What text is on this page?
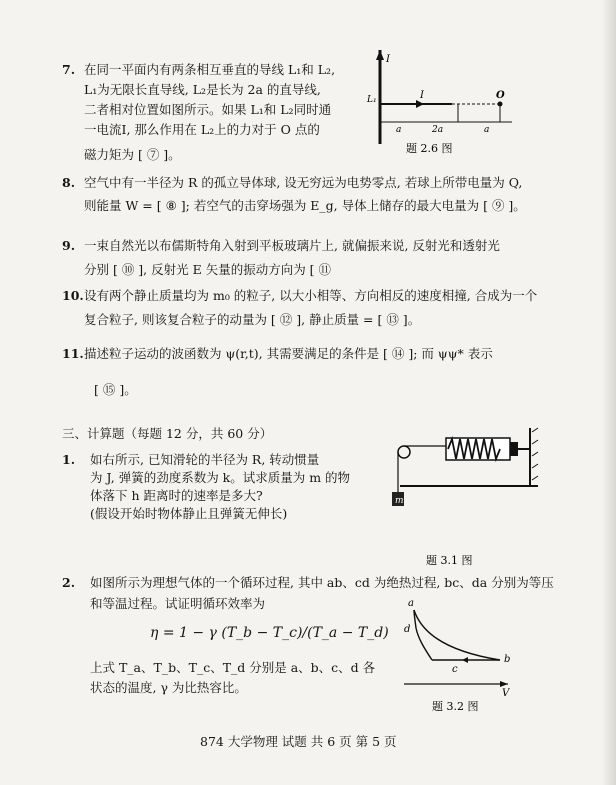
7. 在同一平面内有两条相互垂直的导线 L₁和 L₂,
L₁为无限长直导线, L₂是长为 2a 的直导线,
二者相对位置如图所示。如果 L₁和 L₂同时通
一电流I, 那么作用在 L₂上的力对于 O 点的
磁力矩为 [ ⑦ ]。
I
L₁	I	O
a	2a	a
题 2.6 图
8. 空气中有一半径为 R 的孤立导体球, 设无穷远为电势零点, 若球上所带电量为 Q,
则能量 W = [ ⑧ ]; 若空气的击穿场强为 E_g, 导体上储存的最大电量为 [ ⑨ ]。
9. 一束自然光以布儒斯特角入射到平板玻璃片上, 就偏振来说, 反射光和透射光
分别 [ ⑩ ], 反射光 E 矢量的振动方向为 [ ⑪
10. 设有两个静止质量均为 m₀ 的粒子, 以大小相等、方向相反的速度相撞, 合成为一个
复合粒子, 则该复合粒子的动量为 [ ⑫ ], 静止质量 = [ ⑬ ]。
11. 描述粒子运动的波函数为 ψ(r,t), 其需要满足的条件是 [ ⑭ ]; 而 ψψ* 表示
[ ⑮ ]。
三、计算题（每题 12 分，共 60 分）
1. 如右所示, 已知滑轮的半径为 R, 转动惯量
为 J, 弹簧的劲度系数为 k。试求质量为 m 的物
体落下 h 距离时的速率是多大?
(假设开始时物体静止且弹簧无伸长)
m
题 3.1 图
2. 如图所示为理想气体的一个循环过程, 其中 ab、cd 为绝热过程, bc、da 分别为等压
和等温过程。试证明循环效率为
η = 1 − γ (T_b − T_c)/(T_a − T_d)
上式 T_a、T_b、T_c、T_d 分别是 a、b、c、d 各
状态的温度, γ 为比热容比。
a
b
c
d
V
题 3.2 图
874 大学物理 试题 共 6 页 第 5 页
